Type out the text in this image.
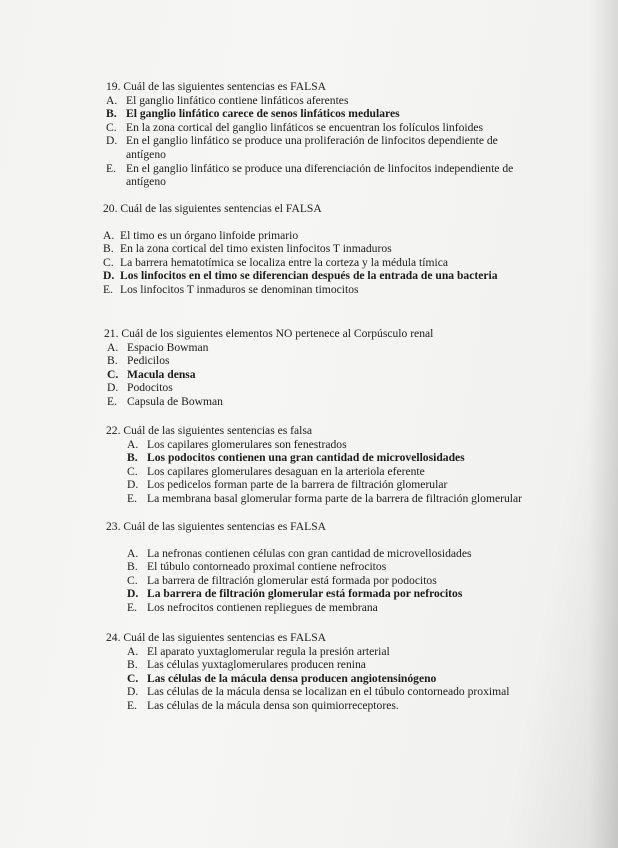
19. Cuál de las siguientes sentencias es FALSA

A. El ganglio linfático contiene linfáticos aferentes
B. El ganglio linfático carece de senos linfáticos medulares
C. En la zona cortical del ganglio linfáticos se encuentran los folículos linfoides
D. En el ganglio linfático se produce una proliferación de linfocitos dependiente de antígeno
E. En el ganglio linfático se produce una diferenciación de linfocitos independiente de antígeno

20. Cuál de las siguientes sentencias el FALSA

A. El timo es un órgano linfoide primario
B. En la zona cortical del timo existen linfocitos T inmaduros
C. La barrera hematotímica se localiza entre la corteza y la médula tímica
D. Los linfocitos en el timo se diferencian después de la entrada de una bacteria
E. Los linfocitos T inmaduros se denominan timocitos

21. Cuál de los siguientes elementos NO pertenece al Corpúsculo renal

A. Espacio Bowman
B. Pedicilos
C. Macula densa
D. Podocitos
E. Capsula de Bowman

22. Cuál de las siguientes sentencias es falsa

A. Los capilares glomerulares son fenestrados
B. Los podocitos contienen una gran cantidad de microvellosidades
C. Los capilares glomerulares desaguan en la arteriola eferente
D. Los pedicelos forman parte de la barrera de filtración glomerular
E. La membrana basal glomerular forma parte de la barrera de filtración glomerular

23. Cuál de las siguientes sentencias es FALSA

A. La nefronas contienen células con gran cantidad de microvellosidades
B. El túbulo contorneado proximal contiene nefrocitos
C. La barrera de filtración glomerular está formada por podocitos
D. La barrera de filtración glomerular está formada por nefrocitos
E. Los nefrocitos contienen repliegues de membrana

24. Cuál de las siguientes sentencias es FALSA

A. El aparato yuxtaglomerular regula la presión arterial
B. Las células yuxtaglomerulares producen renina
C. Las células de la mácula densa producen angiotensinógeno
D. Las células de la mácula densa se localizan en el túbulo contorneado proximal
E. Las células de la mácula densa son quimiorreceptores.
